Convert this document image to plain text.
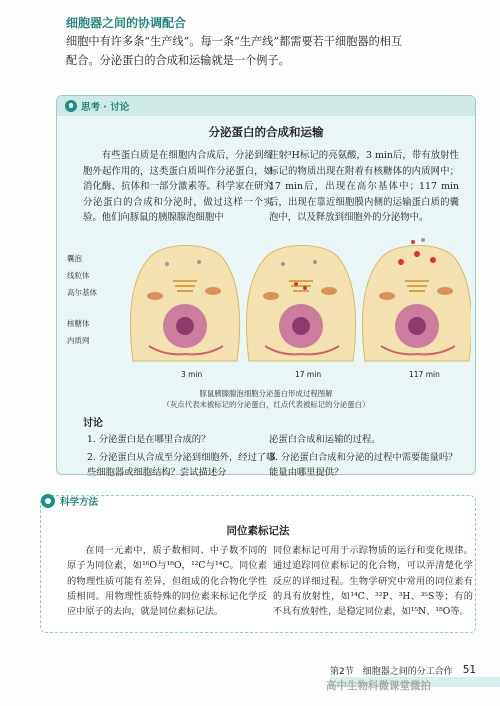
细胞器之间的协调配合

细胞中有许多条“生产线”。每一条“生产线”都需要若干细胞器的相互配合。分泌蛋白的合成和运输就是一个例子。

思考 · 讨论
分泌蛋白的合成和运输

有些蛋白质是在细胞内合成后，分泌到细胞外起作用的，这类蛋白质叫作分泌蛋白，如消化酶、抗体和一部分激素等。科学家在研究分泌蛋白的合成和分泌时，做过这样一个实验。他们向豚鼠的胰腺腺泡细胞中

注射³H标记的亮氨酸，3 min后，带有放射性标记的物质出现在附着有核糖体的内质网中；17 min后，出现在高尔基体中；117 min后，出现在靠近细胞膜内侧的运输蛋白质的囊泡中，以及释放到细胞外的分泌物中。

囊泡
线粒体
高尔基体
核糖体
内质网
3 min	17 min	117 min
豚鼠胰腺腺泡细胞分泌蛋白形成过程图解
（灰点代表未被标记的分泌蛋白，红点代表被标记的分泌蛋白）
讨论

1. 分泌蛋白是在哪里合成的？

2. 分泌蛋白从合成至分泌到细胞外，经过了哪些细胞器或细胞结构？尝试描述分

泌蛋白合成和运输的过程。

3. 分泌蛋白合成和分泌的过程中需要能量吗？能量由哪里提供？

科学方法
同位素标记法

在同一元素中，质子数相同、中子数不同的原子为同位素，如¹⁶O与¹⁸O，¹²C与¹⁴C。同位素的物理性质可能有差异，但组成的化合物化学性质相同。用物理性质特殊的同位素来标记化学反应中原子的去向，就是同位素标记法。

同位素标记可用于示踪物质的运行和变化规律。通过追踪同位素标记的化合物，可以弄清楚化学反应的详细过程。生物学研究中常用的同位素有的具有放射性，如¹⁴C、³²P、³H、³⁵S等；有的不具有放射性，是稳定同位素，如¹⁵N、¹⁸O等。

第2节　细胞器之间的分工合作 51
高中生物科微课堂微拍
